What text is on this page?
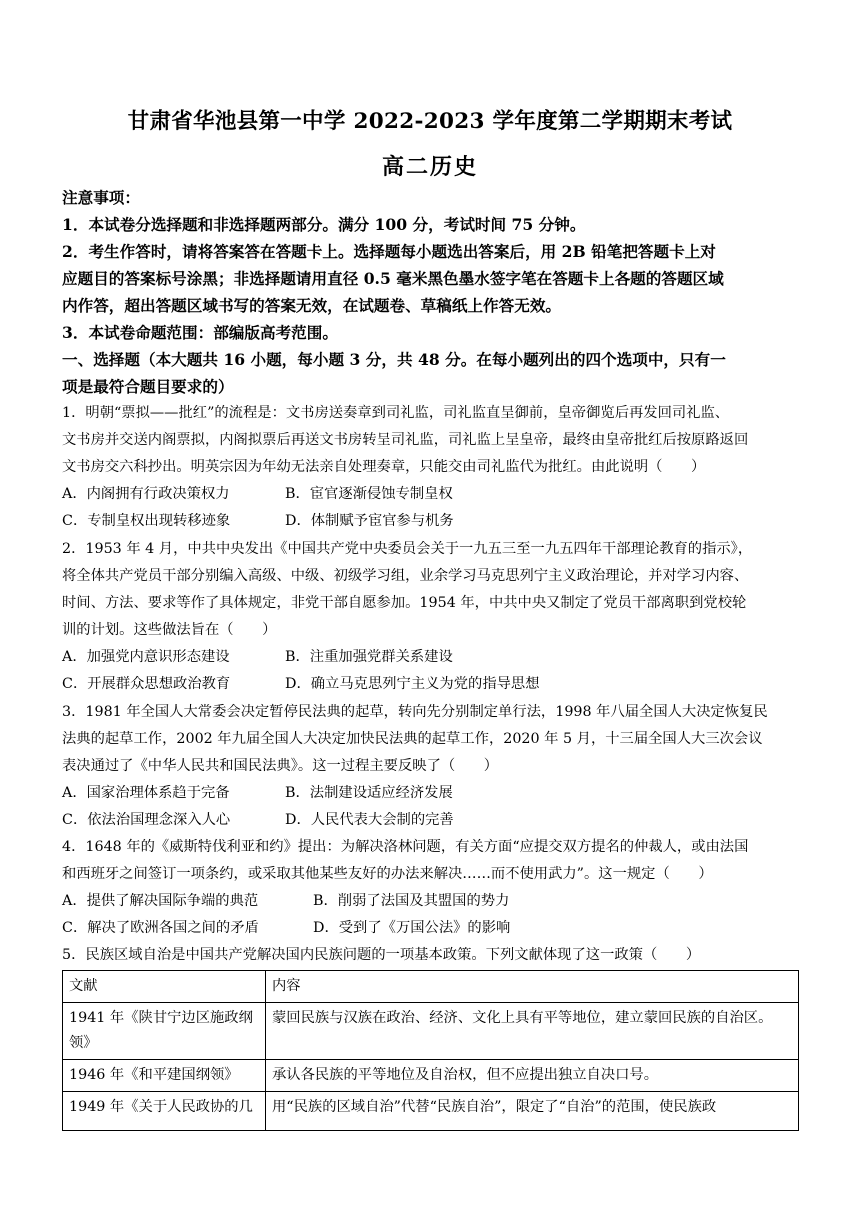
甘肃省华池县第一中学 2022-2023 学年度第二学期期末考试
高二历史
注意事项：
1．本试卷分选择题和非选择题两部分。满分 100 分，考试时间 75 分钟。
2．考生作答时，请将答案答在答题卡上。选择题每小题选出答案后，用 2B 铅笔把答题卡上对
应题目的答案标号涂黑；非选择题请用直径 0.5 毫米黑色墨水签字笔在答题卡上各题的答题区域
内作答，超出答题区域书写的答案无效，在试题卷、草稿纸上作答无效。
3．本试卷命题范围：部编版高考范围。
一、选择题（本大题共 16 小题，每小题 3 分，共 48 分。在每小题列出的四个选项中，只有一
项是最符合题目要求的）
1．明朝“票拟——批红”的流程是：文书房送奏章到司礼监，司礼监直呈御前，皇帝御览后再发回司礼监、
文书房并交送内阁票拟，内阁拟票后再送文书房转呈司礼监，司礼监上呈皇帝，最终由皇帝批红后按原路返回
文书房交六科抄出。明英宗因为年幼无法亲自处理奏章，只能交由司礼监代为批红。由此说明（　　）
A．内阁拥有行政决策权力	B．宦官逐渐侵蚀专制皇权
C．专制皇权出现转移迹象	D．体制赋予宦官参与机务
2．1953 年 4 月，中共中央发出《中国共产党中央委员会关于一九五三至一九五四年干部理论教育的指示》，
将全体共产党员干部分别编入高级、中级、初级学习组，业余学习马克思列宁主义政治理论，并对学习内容、
时间、方法、要求等作了具体规定，非党干部自愿参加。1954 年，中共中央又制定了党员干部离职到党校轮
训的计划。这些做法旨在（　　）
A．加强党内意识形态建设	B．注重加强党群关系建设
C．开展群众思想政治教育	D．确立马克思列宁主义为党的指导思想
3．1981 年全国人大常委会决定暂停民法典的起草，转向先分别制定单行法，1998 年八届全国人大决定恢复民
法典的起草工作，2002 年九届全国人大决定加快民法典的起草工作，2020 年 5 月，十三届全国人大三次会议
表决通过了《中华人民共和国民法典》。这一过程主要反映了（　　）
A．国家治理体系趋于完备	B．法制建设适应经济发展
C．依法治国理念深入人心	D．人民代表大会制的完善
4．1648 年的《威斯特伐利亚和约》提出：为解决洛林问题，有关方面“应提交双方提名的仲裁人，或由法国
和西班牙之间签订一项条约，或采取其他某些友好的办法来解决……而不使用武力”。这一规定（　　）
A．提供了解决国际争端的典范	B．削弱了法国及其盟国的势力
C．解决了欧洲各国之间的矛盾	D．受到了《万国公法》的影响
5．民族区域自治是中国共产党解决国内民族问题的一项基本政策。下列文献体现了这一政策（　　）
文献	内容

1941 年《陕甘宁边区施政纲
领》	蒙回民族与汉族在政治、经济、文化上具有平等地位，建立蒙回民族的自治区。
1946 年《和平建国纲领》	承认各民族的平等地位及自治权，但不应提出独立自决口号。
1949 年《关于人民政协的几	用“民族的区域自治”代替“民族自治”，限定了“自治”的范围，使民族政
